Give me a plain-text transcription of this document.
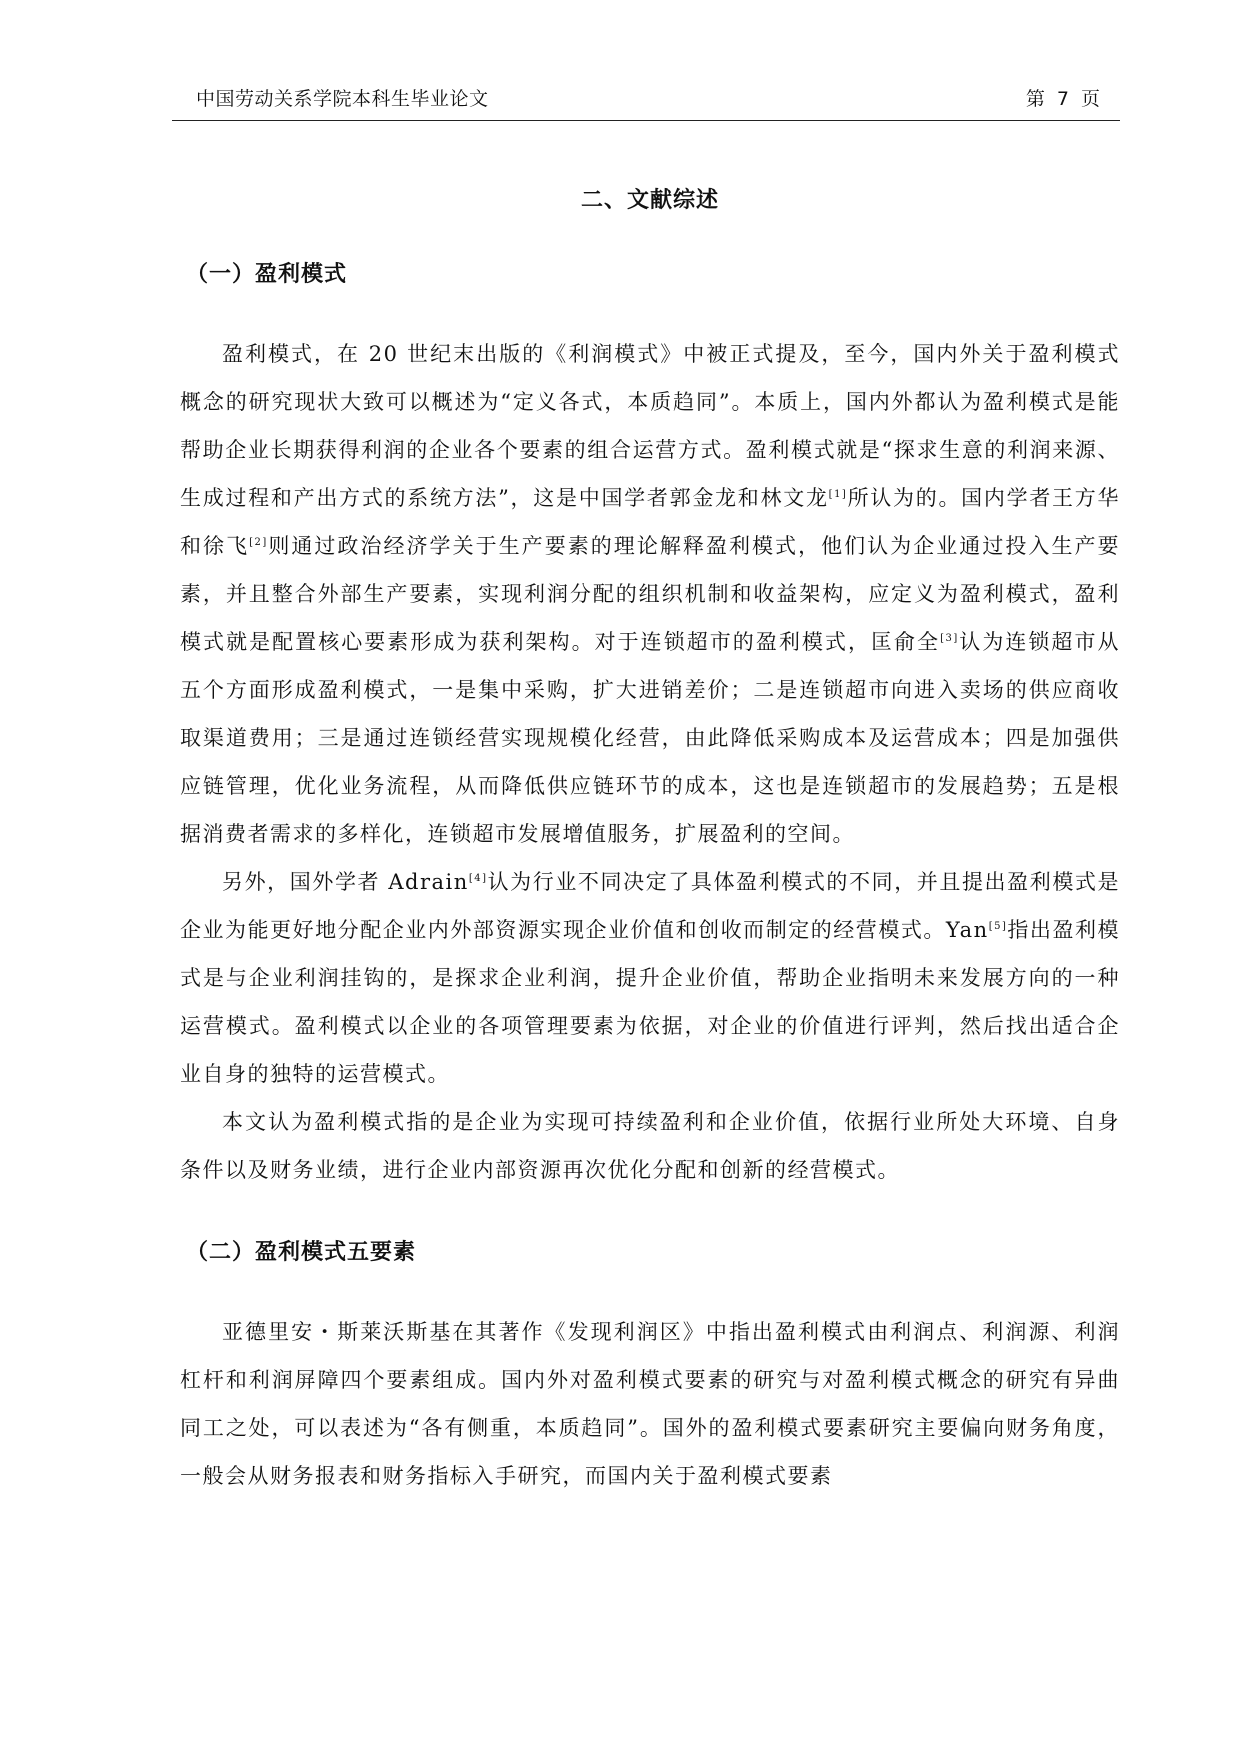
中国劳动关系学院本科生毕业论文	第 7 页
二、文献综述
（一）盈利模式

盈利模式，在 20 世纪末出版的《利润模式》中被正式提及，至今，国内外关于盈利模式概念的研究现状大致可以概述为“定义各式，本质趋同”。本质上，国内外都认为盈利模式是能帮助企业长期获得利润的企业各个要素的组合运营方式。盈利模式就是“探求生意的利润来源、生成过程和产出方式的系统方法”，这是中国学者郭金龙和林文龙[1]所认为的。国内学者王方华和徐飞[2]则通过政治经济学关于生产要素的理论解释盈利模式，他们认为企业通过投入生产要素，并且整合外部生产要素，实现利润分配的组织机制和收益架构，应定义为盈利模式，盈利模式就是配置核心要素形成为获利架构。对于连锁超市的盈利模式，匡俞全[3]认为连锁超市从五个方面形成盈利模式，一是集中采购，扩大进销差价；二是连锁超市向进入卖场的供应商收取渠道费用；三是通过连锁经营实现规模化经营，由此降低采购成本及运营成本；四是加强供应链管理，优化业务流程，从而降低供应链环节的成本，这也是连锁超市的发展趋势；五是根据消费者需求的多样化，连锁超市发展增值服务，扩展盈利的空间。

另外，国外学者 Adrain[4]认为行业不同决定了具体盈利模式的不同，并且提出盈利模式是企业为能更好地分配企业内外部资源实现企业价值和创收而制定的经营模式。Yan[5]指出盈利模式是与企业利润挂钩的，是探求企业利润，提升企业价值，帮助企业指明未来发展方向的一种运营模式。盈利模式以企业的各项管理要素为依据，对企业的价值进行评判，然后找出适合企业自身的独特的运营模式。

本文认为盈利模式指的是企业为实现可持续盈利和企业价值，依据行业所处大环境、自身条件以及财务业绩，进行企业内部资源再次优化分配和创新的经营模式。

（二）盈利模式五要素

亚德里安・斯莱沃斯基在其著作《发现利润区》中指出盈利模式由利润点、利润源、利润杠杆和利润屏障四个要素组成。国内外对盈利模式要素的研究与对盈利模式概念的研究有异曲同工之处，可以表述为“各有侧重，本质趋同”。国外的盈利模式要素研究主要偏向财务角度，一般会从财务报表和财务指标入手研究，而国内关于盈利模式要素
